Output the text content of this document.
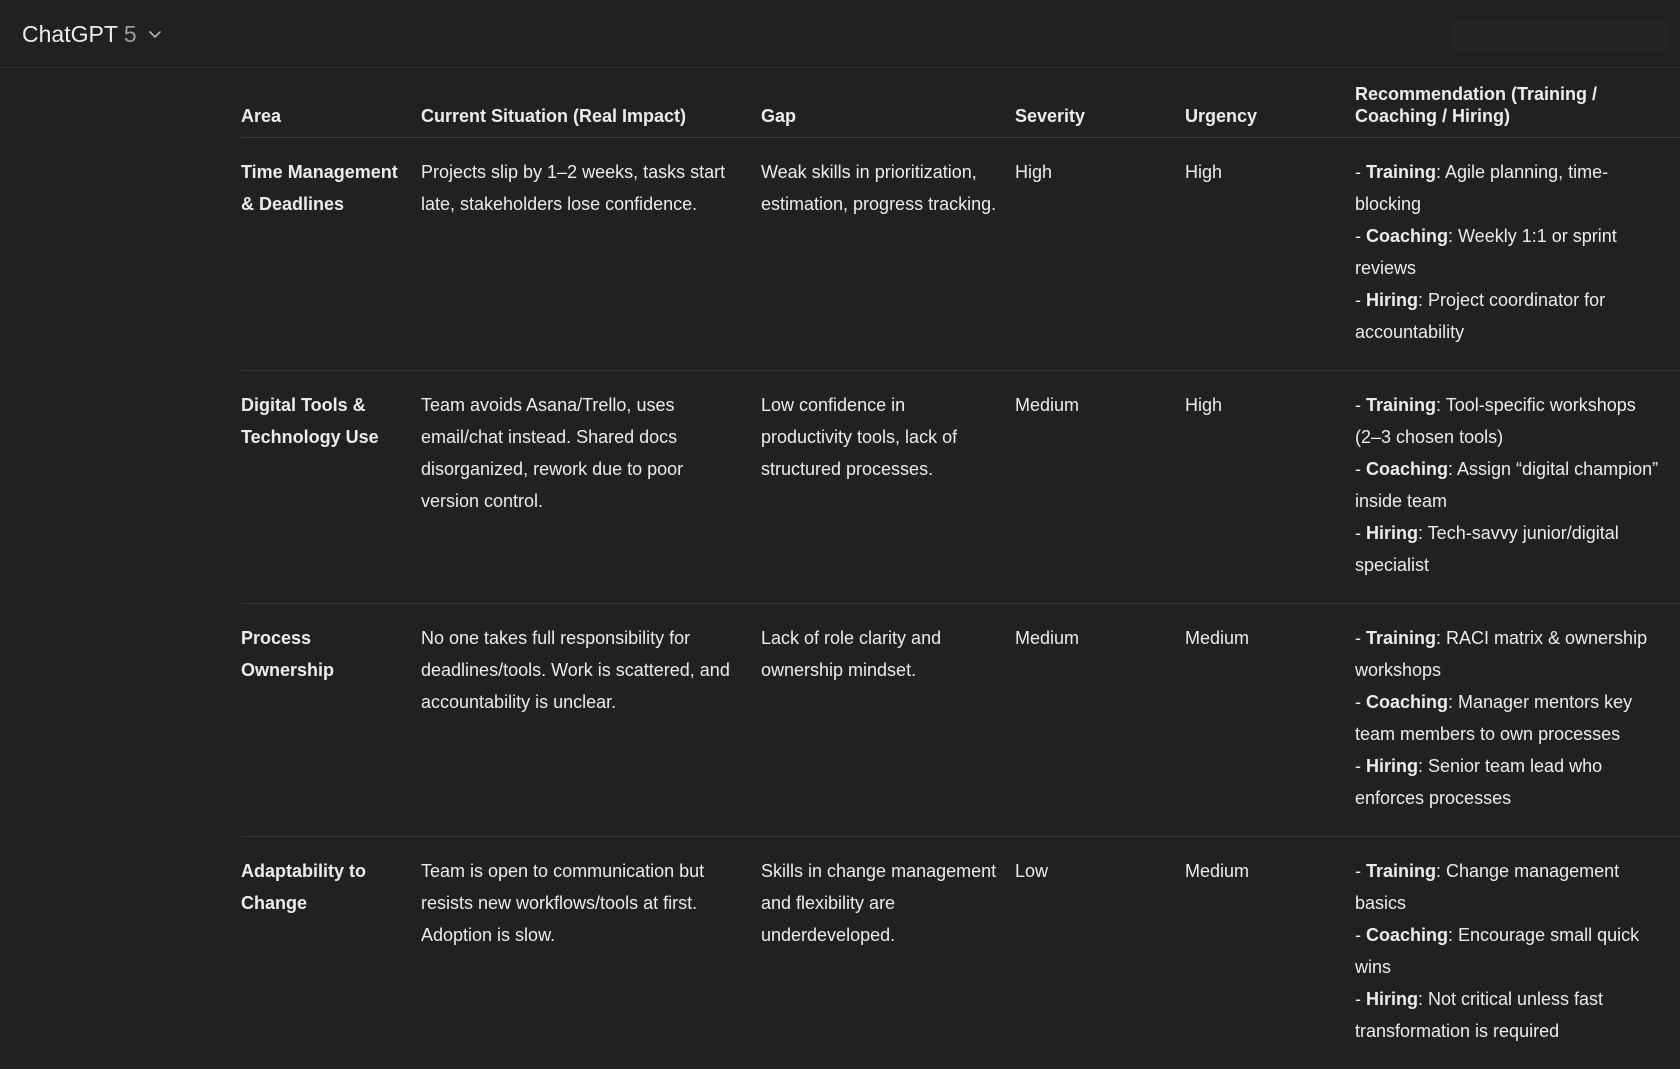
ChatGPT 5
Area	Current Situation (Real Impact)	Gap	Severity	Urgency	Recommendation (Training / Coaching / Hiring)
Time Management & Deadlines	Projects slip by 1–2 weeks, tasks start late, stakeholders lose confidence.	Weak skills in prioritization, estimation, progress tracking.	High	High	- Training: Agile planning, time-blocking
- Coaching: Weekly 1:1 or sprint reviews
- Hiring: Project coordinator for accountability

Digital Tools & Technology Use	Team avoids Asana/Trello, uses email/chat instead. Shared docs disorganized, rework due to poor version control.	Low confidence in productivity tools, lack of structured processes.	Medium	High	- Training: Tool-specific workshops (2–3 chosen tools)
- Coaching: Assign “digital champion” inside team
- Hiring: Tech-savvy junior/digital specialist

Process Ownership	No one takes full responsibility for deadlines/tools. Work is scattered, and accountability is unclear.	Lack of role clarity and ownership mindset.	Medium	Medium	- Training: RACI matrix & ownership workshops
- Coaching: Manager mentors key team members to own processes
- Hiring: Senior team lead who enforces processes

Adaptability to Change	Team is open to communication but resists new workflows/tools at first. Adoption is slow.	Skills in change management and flexibility are underdeveloped.	Low	Medium	- Training: Change management basics
- Coaching: Encourage small quick wins
- Hiring: Not critical unless fast transformation is required
